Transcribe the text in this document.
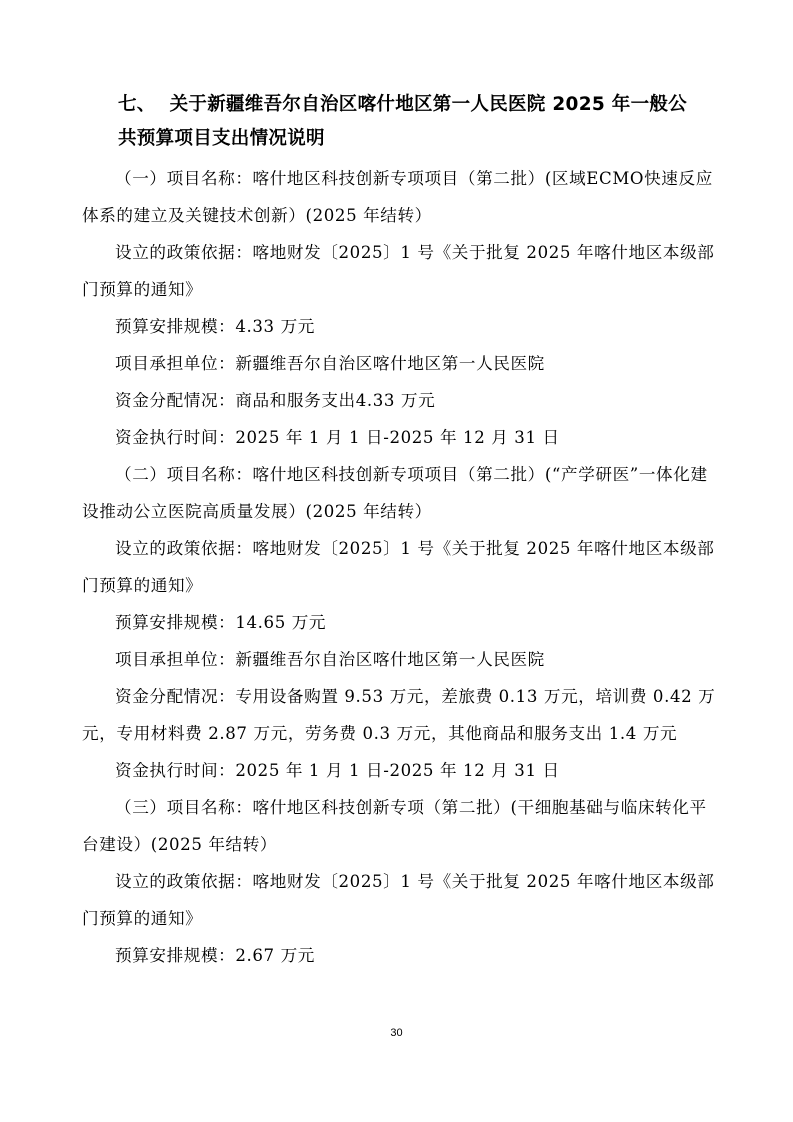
七、 关于新疆维吾尔自治区喀什地区第一人民医院 2025 年一般公共预算项目支出情况说明

（一）项目名称：喀什地区科技创新专项项目（第二批）(区域ECMO快速反应体系的建立及关键技术创新）(2025 年结转）

设立的政策依据：喀地财发〔2025〕1 号《关于批复 2025 年喀什地区本级部门预算的通知》

预算安排规模：4.33 万元

项目承担单位：新疆维吾尔自治区喀什地区第一人民医院

资金分配情况：商品和服务支出4.33 万元

资金执行时间：2025 年 1 月 1 日-2025 年 12 月 31 日

（二）项目名称：喀什地区科技创新专项项目（第二批）(“产学研医”一体化建设推动公立医院高质量发展）(2025 年结转）

设立的政策依据：喀地财发〔2025〕1 号《关于批复 2025 年喀什地区本级部门预算的通知》

预算安排规模：14.65 万元

项目承担单位：新疆维吾尔自治区喀什地区第一人民医院

资金分配情况：专用设备购置 9.53 万元，差旅费 0.13 万元，培训费 0.42 万元，专用材料费 2.87 万元，劳务费 0.3 万元，其他商品和服务支出 1.4 万元

资金执行时间：2025 年 1 月 1 日-2025 年 12 月 31 日

（三）项目名称：喀什地区科技创新专项（第二批）(干细胞基础与临床转化平台建设）(2025 年结转）

设立的政策依据：喀地财发〔2025〕1 号《关于批复 2025 年喀什地区本级部门预算的通知》

预算安排规模：2.67 万元

30
